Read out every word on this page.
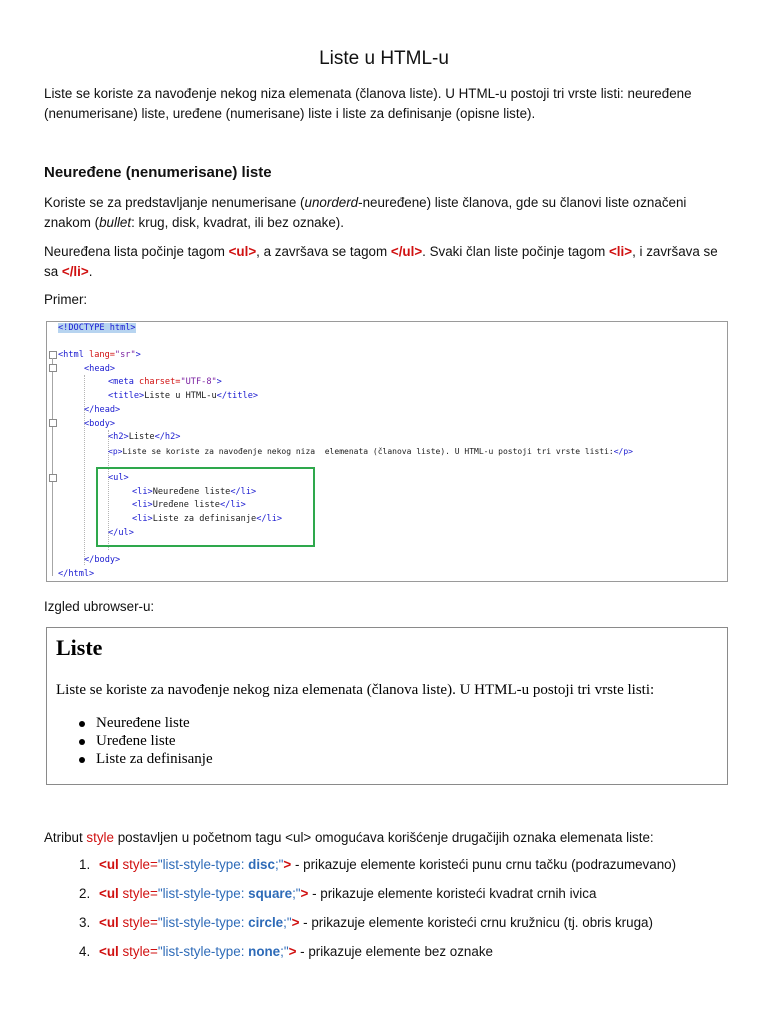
Liste u HTML-u
Liste se koriste za navođenje nekog niza elemenata (članova liste). U HTML-u postoji tri vrste listi: neuređene (nenumerisane) liste, uređene (numerisane) liste i liste za definisanje (opisne liste).
Neuređene (nenumerisane) liste
Koriste se za predstavljanje nenumerisane (unorderd-neuređene) liste članova, gde su članovi liste označeni znakom (bullet: krug, disk, kvadrat, ili bez oznake).
Neuređena lista počinje tagom <ul>, a završava se tagom </ul>. Svaki član liste počinje tagom <li>, i završava se sa </li>.
Primer:
<!DOCTYPE html>
<html lang="sr">
<head>
<meta charset="UTF-8">
<title>Liste u HTML-u</title>
</head>
<body>
<h2>Liste</h2>
<p>Liste se koriste za navođenje nekog niza  elemenata (članova liste). U HTML-u postoji tri vrste listi:</p>
<ul>
<li>Neuređene liste</li>
<li>Uređene liste</li>
<li>Liste za definisanje</li>
</ul>
</body>
</html>
Izgled ubrowser-u:
Liste
Liste se koriste za navođenje nekog niza elemenata (članova liste). U HTML-u postoji tri vrste listi:
Neuređene liste
Uređene liste
Liste za definisanje
Atribut style postavljen u početnom tagu <ul> omogućava korišćenje drugačijih oznaka elemenata liste:
1. <ul style="list-style-type: disc;"> - prikazuje elemente koristeći punu crnu tačku (podrazumevano)
2. <ul style="list-style-type: square;"> - prikazuje elemente koristeći kvadrat crnih ivica
3. <ul style="list-style-type: circle;"> - prikazuje elemente koristeći crnu kružnicu (tj. obris kruga)
4. <ul style="list-style-type: none;"> - prikazuje elemente bez oznake
